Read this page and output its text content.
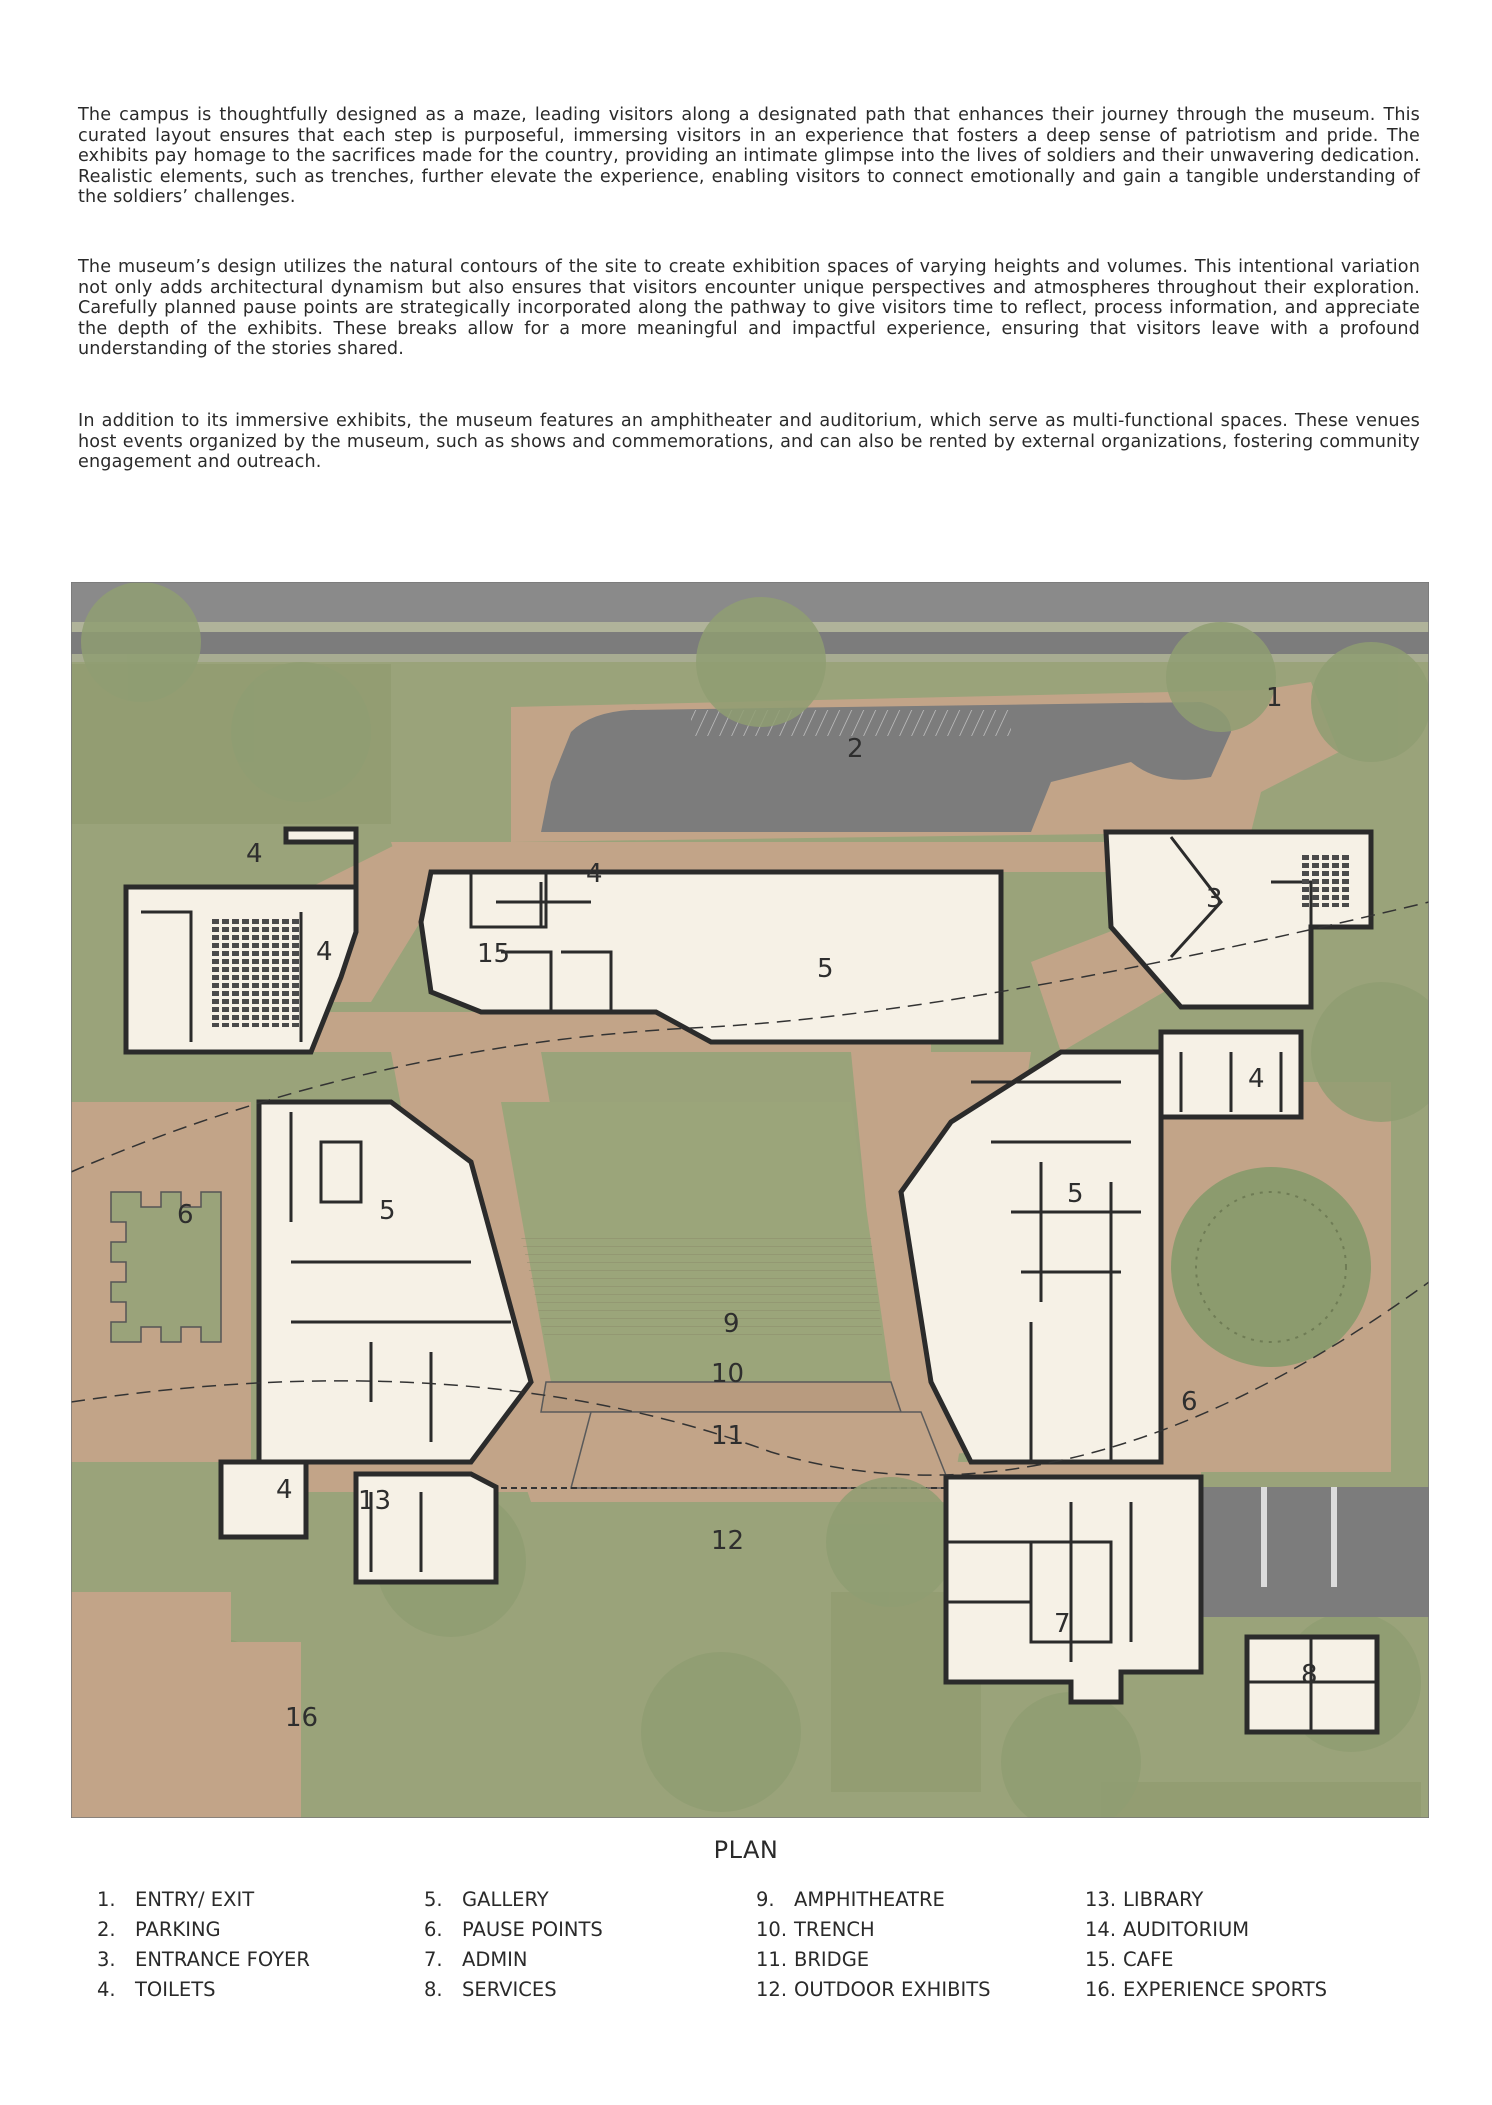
The campus is thoughtfully designed as a maze, leading visitors along a designated path that enhances their journey through the museum. This curated layout ensures that each step is purposeful, immersing visitors in an experience that fosters a deep sense of patriotism and pride. The exhibits pay homage to the sacrifices made for the country, providing an intimate glimpse into the lives of soldiers and their unwavering dedication. Realistic elements, such as trenches, further elevate the experience, enabling visitors to connect emotionally and gain a tangible understanding of the soldiers’ challenges.

The museum’s design utilizes the natural contours of the site to create exhibition spaces of varying heights and volumes. This intentional variation not only adds architectural dynamism but also ensures that visitors encounter unique perspectives and atmospheres throughout their exploration. Carefully planned pause points are strategically incorporated along the pathway to give visitors time to reflect, process information, and appreciate the depth of the exhibits. These breaks allow for a more meaningful and impactful experience, ensuring that visitors leave with a profound understanding of the stories shared.

In addition to its immersive exhibits, the museum features an amphitheater and auditorium, which serve as multi-functional spaces. These venues host events organized by the museum, such as shows and commemorations, and can also be rented by external organizations, fostering community engagement and outreach.

1
2
3
4
4
4
15	5
4
5
5
6
6
9
10
11
4	13
12
7
8
16
PLAN
1. ENTRY/ EXIT
2. PARKING
3. ENTRANCE FOYER
4. TOILETS
5. GALLERY
6. PAUSE POINTS
7. ADMIN
8. SERVICES
9. AMPHITHEATRE
10. TRENCH
11. BRIDGE
12. OUTDOOR EXHIBITS
13. LIBRARY
14. AUDITORIUM
15. CAFE
16. EXPERIENCE SPORTS
